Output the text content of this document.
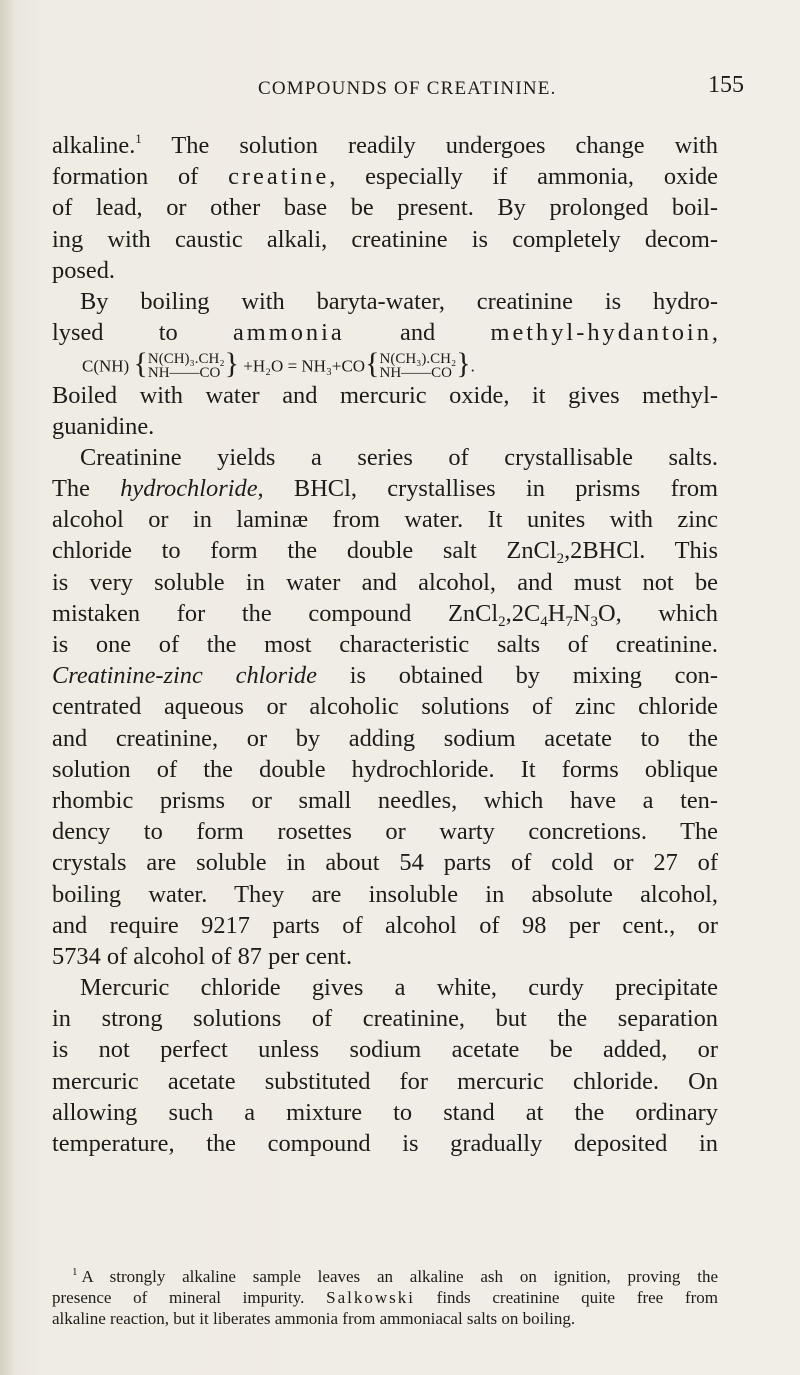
COMPOUNDS OF CREATININE.	155
alkaline.$^1$ The solution readily undergoes change with
formation of creatine, especially if ammonia, oxide
of lead, or other base be present. By prolonged boil-
ing with caustic alkali, creatinine is completely decom-
posed.
By boiling with baryta-water, creatinine is hydro-
lysed to ammonia and methyl-hydantoin,
C(NH) { N(CH)₃.CH₂
NH——CO } +H₂O = NH₃+CO{ N(CH₃).CH₂
NH——CO }.
Boiled with water and mercuric oxide, it gives methyl-
guanidine.
Creatinine yields a series of crystallisable salts.
The hydrochloride, BHCl, crystallises in prisms from
alcohol or in laminæ from water. It unites with zinc
chloride to form the double salt ZnCl$_2$,2BHCl. This
is very soluble in water and alcohol, and must not be
mistaken for the compound $ZnCl_2,2C_4H_7N_3O$, which
is one of the most characteristic salts of creatinine.
Creatinine-zinc chloride is obtained by mixing con-
centrated aqueous or alcoholic solutions of zinc chloride
and creatinine, or by adding sodium acetate to the
solution of the double hydrochloride. It forms oblique
rhombic prisms or small needles, which have a ten-
dency to form rosettes or warty concretions. The
crystals are soluble in about 54 parts of cold or 27 of
boiling water. They are insoluble in absolute alcohol,
and require 9217 parts of alcohol of 98 per cent., or
5734 of alcohol of 87 per cent.
Mercuric chloride gives a white, curdy precipitate
in strong solutions of creatinine, but the separation
is not perfect unless sodium acetate be added, or
mercuric acetate substituted for mercuric chloride. On
allowing such a mixture to stand at the ordinary
temperature, the compound is gradually deposited in
$^1$ A strongly alkaline sample leaves an alkaline ash on ignition, proving the
presence of mineral impurity. Salkowski finds creatinine quite free from
alkaline reaction, but it liberates ammonia from ammoniacal salts on boiling.
